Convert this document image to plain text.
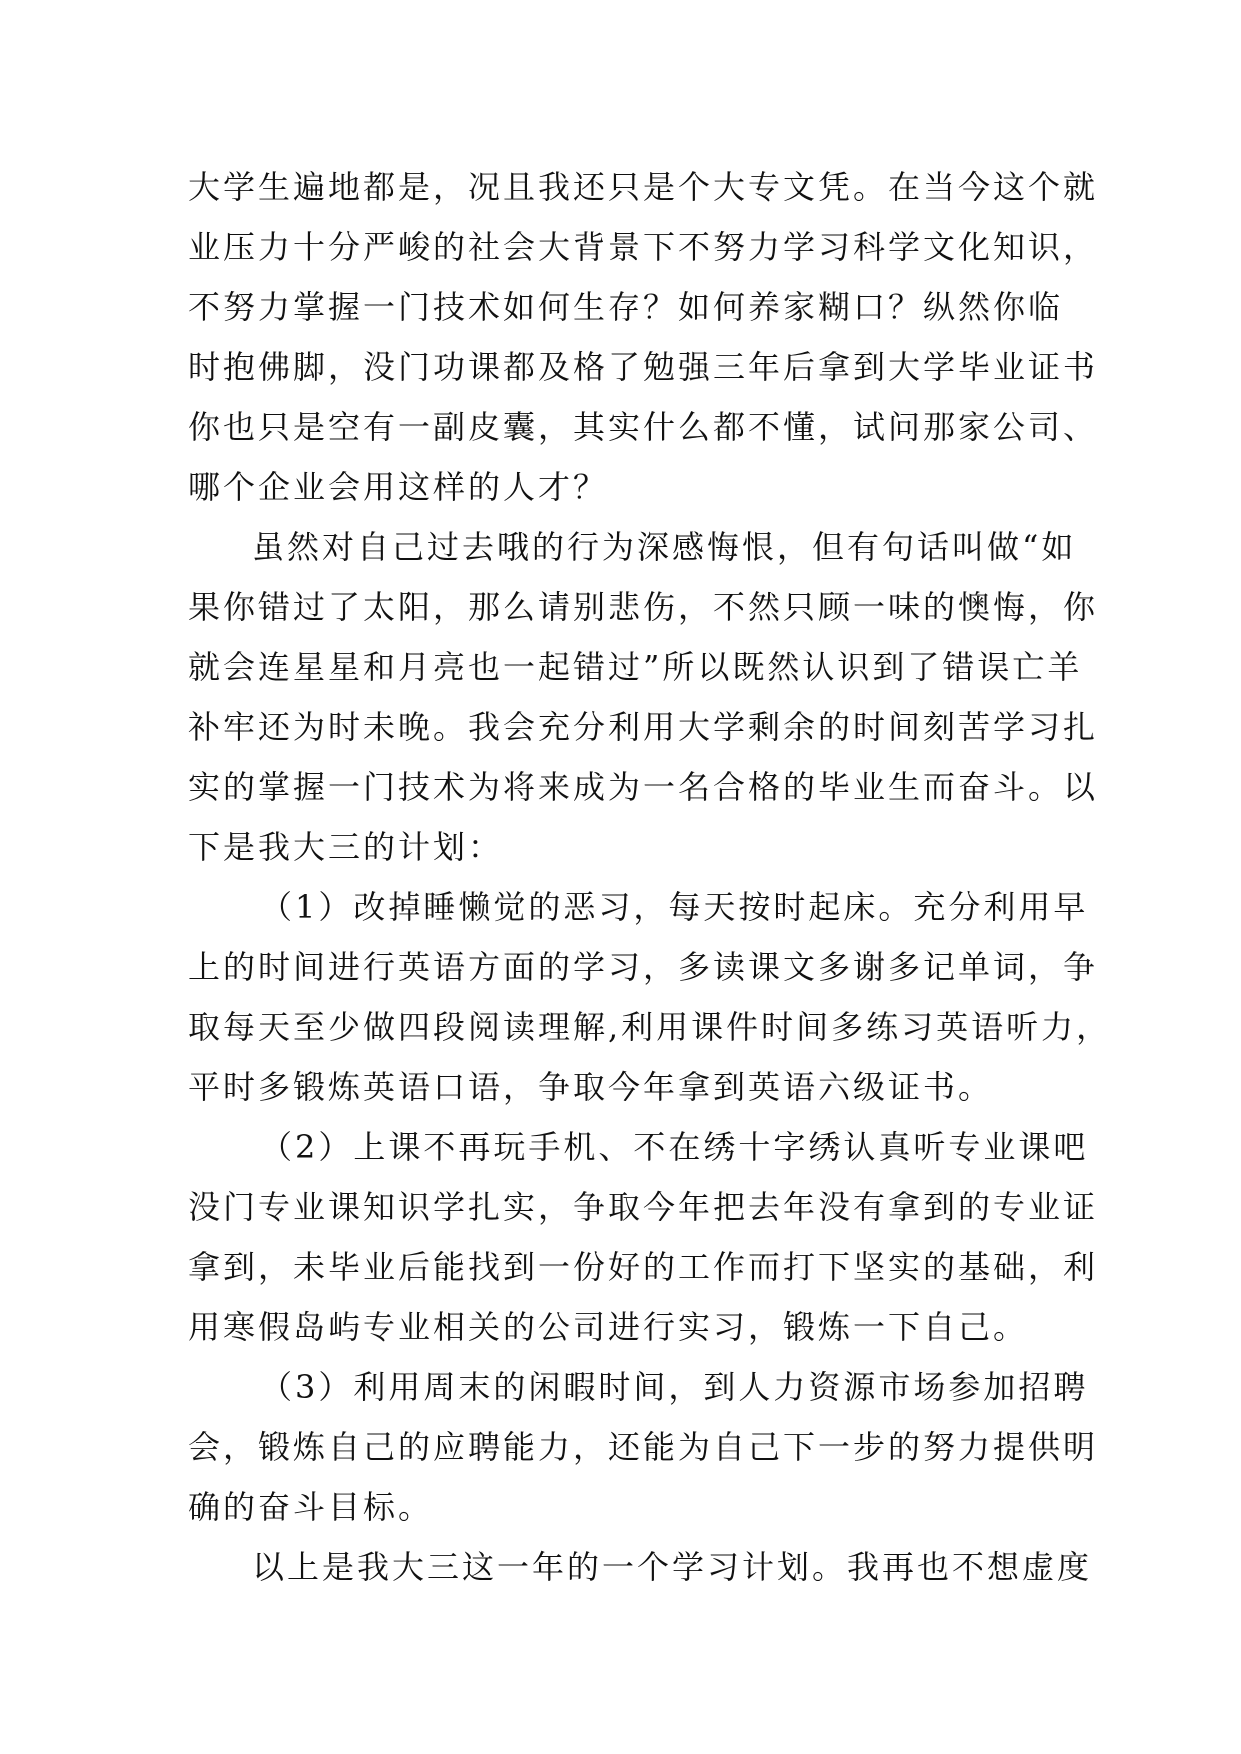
大学生遍地都是，况且我还只是个大专文凭。在当今这个就
业压力十分严峻的社会大背景下不努力学习科学文化知识，
不努力掌握一门技术如何生存？如何养家糊口？纵然你临
时抱佛脚，没门功课都及格了勉强三年后拿到大学毕业证书
你也只是空有一副皮囊，其实什么都不懂，试问那家公司、
哪个企业会用这样的人才？
虽然对自己过去哦的行为深感悔恨，但有句话叫做“如
果你错过了太阳，那么请别悲伤，不然只顾一味的懊悔，你
就会连星星和月亮也一起错过”所以既然认识到了错误亡羊
补牢还为时未晚。我会充分利用大学剩余的时间刻苦学习扎
实的掌握一门技术为将来成为一名合格的毕业生而奋斗。以
下是我大三的计划：
（1）改掉睡懒觉的恶习，每天按时起床。充分利用早
上的时间进行英语方面的学习，多读课文多谢多记单词，争
取每天至少做四段阅读理解,利用课件时间多练习英语听力，
平时多锻炼英语口语，争取今年拿到英语六级证书。
（2）上课不再玩手机、不在绣十字绣认真听专业课吧
没门专业课知识学扎实，争取今年把去年没有拿到的专业证
拿到，未毕业后能找到一份好的工作而打下坚实的基础，利
用寒假岛屿专业相关的公司进行实习，锻炼一下自己。
（3）利用周末的闲暇时间，到人力资源市场参加招聘
会，锻炼自己的应聘能力，还能为自己下一步的努力提供明
确的奋斗目标。
以上是我大三这一年的一个学习计划。我再也不想虚度
